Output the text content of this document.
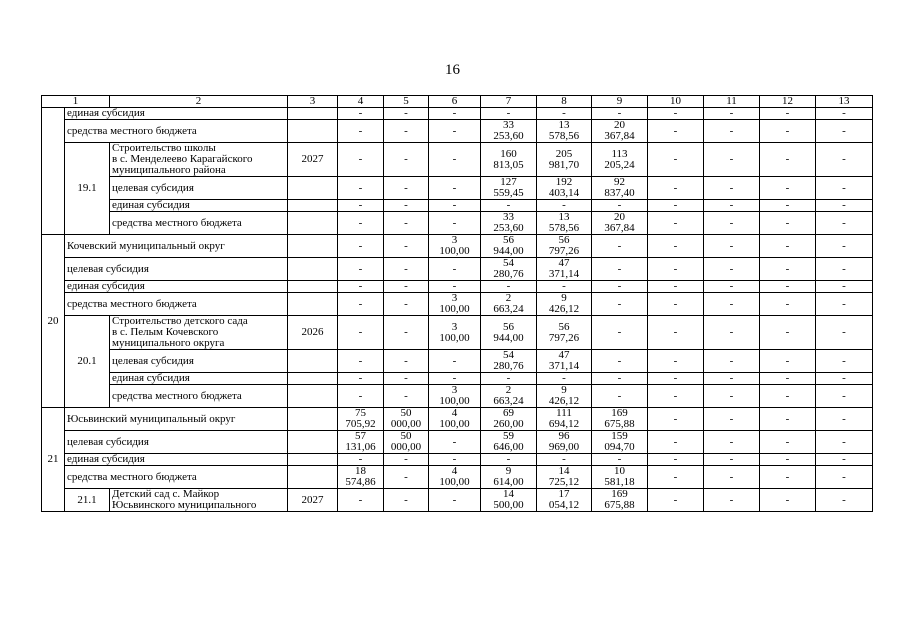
16
1		2	3	4	5	6	7	8	9	10	11	12	13
	единая субсидия			-	-	-	-	-	-	-	-	-	-
	средства местного бюджета			-	-	-	33
253,60	13
578,56	20
367,84	-	-	-	-
	19.1	Строительство школы
в с. Менделеево Карагайского
муниципального района	2027	-	-	-	160
813,05	205
981,70	113
205,24	-	-	-	-
		целевая субсидия		-	-	-	127
559,45	192
403,14	92
837,40	-	-	-	-
		единая субсидия		-	-	-	-	-	-	-	-	-	-
		средства местного бюджета		-	-	-	33
253,60	13
578,56	20
367,84	-	-	-	-
20	Кочевский муниципальный округ			-	-	3
100,00	56
944,00	56
797,26	-	-	-	-	-
	целевая субсидия			-	-	-	54
280,76	47
371,14	-	-	-	-	-
	единая субсидия			-	-	-	-	-	-	-	-	-	-
	средства местного бюджета			-	-	3
100,00	2
663,24	9
426,12	-	-	-	-	-
	20.1	Строительство детского сада
в с. Пелым Кочевского
муниципального округа	2026	-	-	3
100,00	56
944,00	56
797,26	-	-	-	-	-
		целевая субсидия		-	-	-	54
280,76	47
371,14	-	-	-	-	-
		единая субсидия		-	-	-	-	-	-	-	-	-	-
		средства местного бюджета		-	-	3
100,00	2
663,24	9
426,12	-	-	-	-	-
21	Юсьвинский муниципальный округ			75
705,92	50
000,00	4
100,00	69
260,00	111
694,12	169
675,88	-	-	-	-
	целевая субсидия			57
131,06	50
000,00	-	59
646,00	96
969,00	159
094,70	-	-	-	-
	единая субсидия			-	-	-	-	-	-	-	-	-	-
	средства местного бюджета			18
574,86	-	4
100,00	9
614,00	14
725,12	10
581,18	-	-	-	-
	21.1	Детский сад с. Майкор
Юсьвинского муниципального	2027	-	-	-	14
500,00	17
054,12	169
675,88	-	-	-	-
